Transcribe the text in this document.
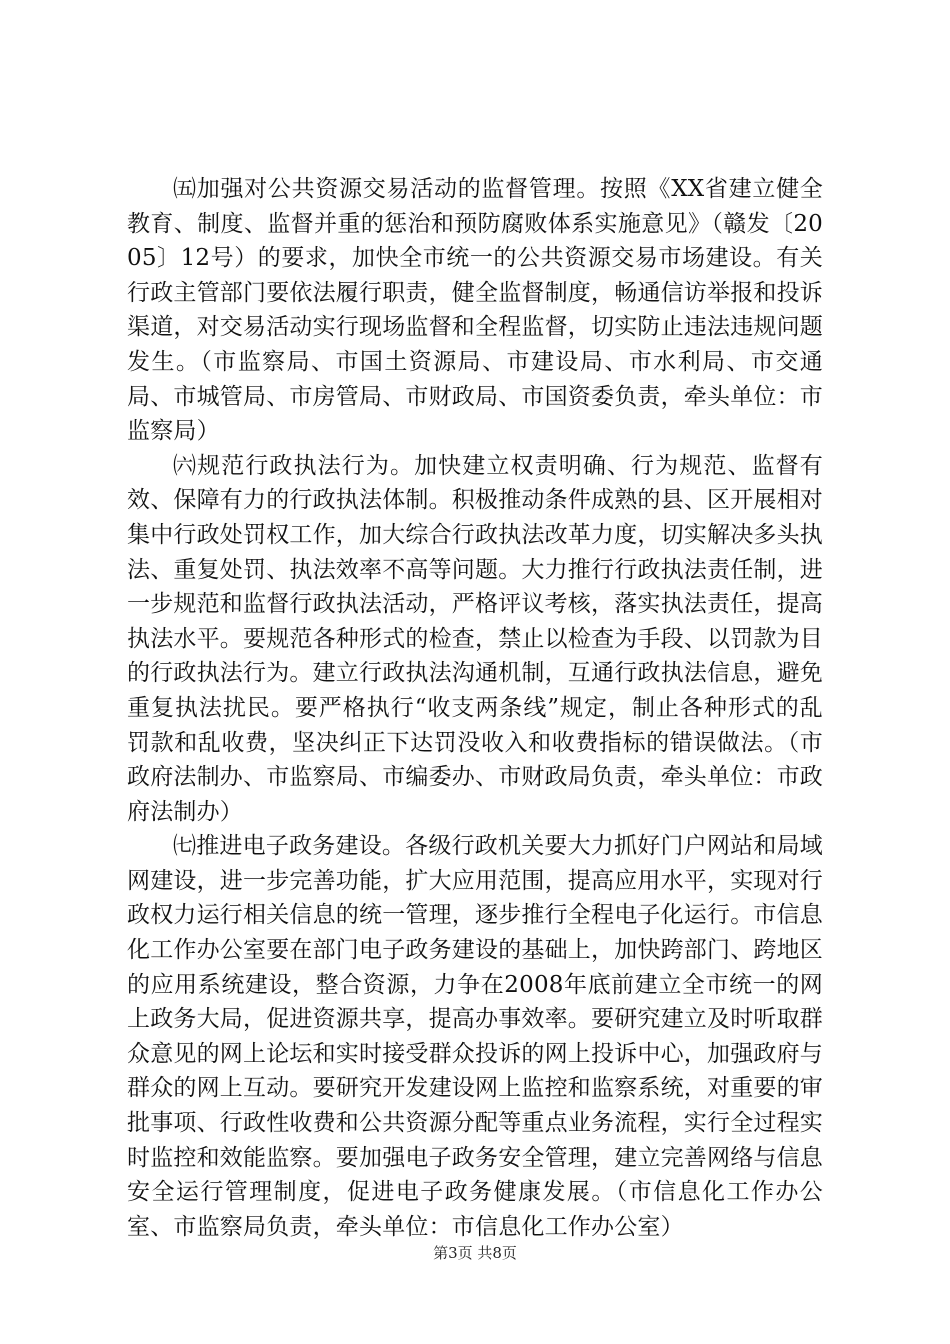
㈤加强对公共资源交易活动的监督管理。按照《XX省建立健全教育、制度、监督并重的惩治和预防腐败体系实施意见》（赣发〔2005〕12号）的要求，加快全市统一的公共资源交易市场建设。有关行政主管部门要依法履行职责，健全监督制度，畅通信访举报和投诉渠道，对交易活动实行现场监督和全程监督，切实防止违法违规问题发生。（市监察局、市国土资源局、市建设局、市水利局、市交通局、市城管局、市房管局、市财政局、市国资委负责，牵头单位：市监察局）

㈥规范行政执法行为。加快建立权责明确、行为规范、监督有效、保障有力的行政执法体制。积极推动条件成熟的县、区开展相对集中行政处罚权工作，加大综合行政执法改革力度，切实解决多头执法、重复处罚、执法效率不高等问题。大力推行行政执法责任制，进一步规范和监督行政执法活动，严格评议考核，落实执法责任，提高执法水平。要规范各种形式的检查，禁止以检查为手段、以罚款为目的行政执法行为。建立行政执法沟通机制，互通行政执法信息，避免重复执法扰民。要严格执行“收支两条线”规定，制止各种形式的乱罚款和乱收费，坚决纠正下达罚没收入和收费指标的错误做法。（市政府法制办、市监察局、市编委办、市财政局负责，牵头单位：市政府法制办）

㈦推进电子政务建设。各级行政机关要大力抓好门户网站和局域网建设，进一步完善功能，扩大应用范围，提高应用水平，实现对行政权力运行相关信息的统一管理，逐步推行全程电子化运行。市信息化工作办公室要在部门电子政务建设的基础上，加快跨部门、跨地区的应用系统建设，整合资源，力争在2008年底前建立全市统一的网上政务大局，促进资源共享，提高办事效率。要研究建立及时听取群众意见的网上论坛和实时接受群众投诉的网上投诉中心，加强政府与群众的网上互动。要研究开发建设网上监控和监察系统，对重要的审批事项、行政性收费和公共资源分配等重点业务流程，实行全过程实时监控和效能监察。要加强电子政务安全管理，建立完善网络与信息安全运行管理制度，促进电子政务健康发展。（市信息化工作办公室、市监察局负责，牵头单位：市信息化工作办公室）

第3页 共8页
